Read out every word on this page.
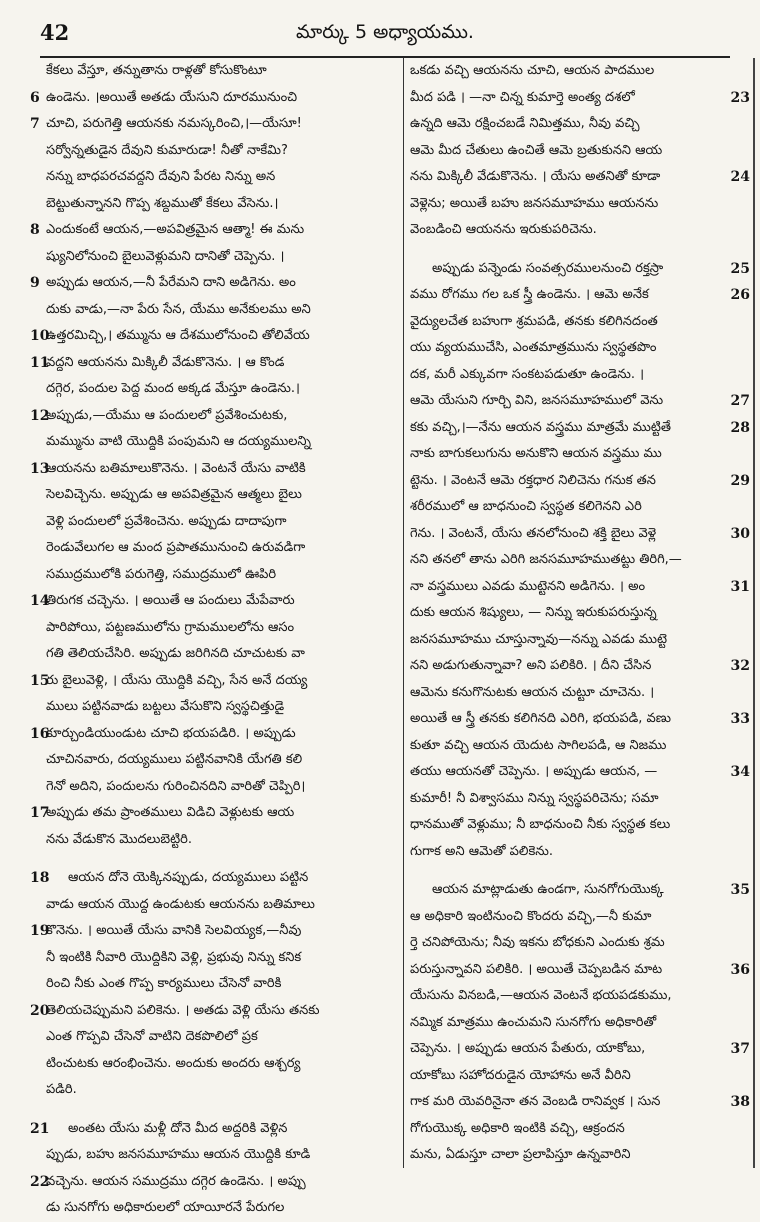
42	మార్కు 5 అధ్యాయము.
కేకలు వేస్తూ, తన్నుతాను రాళ్లతో కోసుకొంటూ
6 ఉండెను. ।అయితే అతడు యేసుని దూరమునుంచి
7 చూచి, పరుగెత్తి ఆయనకు నమస్కరించి,।—యేసూ!
సర్వోన్నతుడైన దేవుని కుమారుడా! నీతో నాకేమి?
నన్ను బాధపరచవద్దని దేవుని పేరట నిన్ను అన
బెట్టుతున్నానని గొప్ప శబ్దముతో కేకలు వేసెను.।
8 ఎందుకంటే ఆయన,—అపవిత్రమైన ఆత్మా! ఈ మను
ష్యునిలోనుంచి బైలువెళ్లుమని దానితో చెప్పెను. ।
9 అప్పుడు ఆయన,—నీ పేరేమని దాని అడిగెను. అం
దుకు వాడు,—నా పేరు సేన, యేము అనేకులము అని
10
ఉత్తరమిచ్చి,। తమ్మును ఆ దేశములోనుంచి తోలివేయ
11
వద్దని ఆయనను మిక్కిలీ వేడుకొనెను. । ఆ కొండ
దగ్గెర, పందుల పెద్ద మంద అక్కడ మేస్తూ ఉండెను.।
12
అప్పుడు,—యేము ఆ పందులలో ప్రవేశించుటకు,
మమ్మును వాటి యొద్దికి పంపుమని ఆ దయ్యములన్ని
13
ఆయనను బతిమాలుకొనెను. । వెంటనే యేసు వాటికి
సెలవిచ్చెను. అప్పుడు ఆ అపవిత్రమైన ఆత్మలు బైలు
వెళ్లి పందులలో ప్రవేశించెను. అప్పుడు దాదాపుగా
రెండువేలుగల ఆ మంద ప్రపాతమునుంచి ఉరువడిగా
సముద్రములోకి పరుగెత్తి, సముద్రములో ఊపిరి
14
తిరుగక చచ్చెను. । అయితే ఆ పందులు మేపేవారు
పారిపోయి, పట్టణములోను గ్రామములలోను ఆసం
గతి తెలియచేసిరి. అప్పుడు జరిగినది చూచుటకు వా
15
రు బైలువెళ్లి, । యేసు యొద్దికి వచ్చి, సేన అనే దయ్య
ములు పట్టినవాడు బట్టలు వేసుకొని స్వస్థచిత్తుడై
16
కూర్చుండియుండుట చూచి భయపడిరి. । అప్పుడు
చూచినవారు, దయ్యములు పట్టినవానికి యేగతి కలి
గెనో అదిని, పందులను గురించినదిని వారితో చెప్పిరి।
17
అప్పుడు తమ ప్రాంతములు విడిచి వెళ్లుటకు ఆయ
నను వేడుకొన మొదలుబెట్టిరి.
18 ఆయన దోనె యెక్కినప్పుడు, దయ్యములు పట్టిన
వాడు ఆయన యొద్ద ఉండుటకు ఆయనను బతిమాలు
19
కొనెను. । అయితే యేసు వానికి సెలవియ్యక,—నీవు
నీ ఇంటికి నీవారి యొద్దికిని వెళ్లి, ప్రభువు నిన్ను కనిక
రించి నీకు ఎంత గొప్ప కార్యములు చేసెనో వారికి
20
తెలియచెప్పుమని పలికెను. । అతడు వెళ్లి యేసు తనకు
ఎంత గొప్పవి చేసెనో వాటిని దెకపొలిలో ప్రక
టించుటకు ఆరంభించెను. అందుకు అందరు ఆశ్చర్య
పడిరి.
21 అంతట యేసు మళ్లీ దోనె మీద అద్దరికి వెళ్లిన
ప్పుడు, బహు జనసమూహము ఆయన యొద్దికి కూడి
22
వచ్చెను. ఆయన సముద్రము దగ్గెర ఉండెను. । అప్పు
డు సునగోగు అధికారులలో యాయీరనే పేరుగల
ఒకడు వచ్చి ఆయనను చూచి, ఆయన పాదముల
23
మీద పడి । —నా చిన్న కుమార్తె అంత్య దశలో
ఉన్నది ఆమె రక్షించబడే నిమిత్తము, నీవు వచ్చి
ఆమె మీద చేతులు ఉంచితే ఆమె బ్రతుకునని ఆయ
24
నను మిక్కిలీ వేడుకొనెను. । యేసు అతనితో కూడా
వెళ్లెను; అయితే బహు జనసమూహము ఆయనను
వెంబడించి ఆయనను ఇరుకుపరిచెను.
25
అప్పుడు పన్నెండు సంవత్సరములనుంచి రక్తస్రా
26
వము రోగము గల ఒక స్త్రీ ఉండెను. । ఆమె అనేక
వైద్యులచేత బహుగా శ్రమపడి, తనకు కలిగినదంత
యు వ్యయముచేసి, ఎంతమాత్రమును స్వస్థతపొం
దక, మరీ ఎక్కువగా సంకటపడుతూ ఉండెను. ।
27
ఆమె యేసుని గూర్చి విని, జనసమూహములో వెను
28
కకు వచ్చి,।—నేను ఆయన వస్త్రము మాత్రమే ముట్టితే
నాకు బాగుకలుగును అనుకొని ఆయన వస్త్రము ము
29
ట్టెను. । వెంటనే ఆమె రక్తధార నిలిచెను గనుక తన
శరీరములో ఆ బాధనుంచి స్వస్థత కలిగెనని ఎరి
30
గెను. । వెంటనే, యేసు తనలోనుంచి శక్తి బైలు వెళ్లె
నని తనలో తాను ఎరిగి జనసమూహముతట్టు తిరిగి,—
31
నా వస్త్రములు ఎవడు ముట్టెనని అడిగెను. । అం
దుకు ఆయన శిష్యులు, — నిన్ను ఇరుకుపరుస్తున్న
జనసమూహము చూస్తున్నావు—నన్ను ఎవడు ముట్టె
32
నని అడుగుతున్నావా? అని పలికిరి. । దీని చేసిన
ఆమెను కనుగొనుటకు ఆయన చుట్టూ చూచెను. ।
33
అయితే ఆ స్త్రీ తనకు కలిగినది ఎరిగి, భయపడి, వణు
కుతూ వచ్చి ఆయన యెదుట సాగిలపడి, ఆ నిజము
34
తయు ఆయనతో చెప్పెను. । అప్పుడు ఆయన, —
కుమారీ! నీ విశ్వాసము నిన్ను స్వస్థపరిచెను; సమా
ధానముతో వెళ్లుము; నీ బాధనుంచి నీకు స్వస్థత కలు
గుగాక అని ఆమెతో పలికెను.
35
ఆయన మాట్లాడుతు ఉండగా, సునగోగుయొక్క
ఆ అధికారి ఇంటినుంచి కొందరు వచ్చి,—నీ కుమా
ర్తె చనిపోయెను; నీవు ఇకను బోధకుని ఎందుకు శ్రమ
36
పరుస్తున్నావని పలికిరి. । అయితే చెప్పబడిన మాట
యేసును వినబడి,—ఆయన వెంటనే భయపడకుము,
నమ్మిక మాత్రము ఉంచుమని సునగోగు అధికారితో
37
చెప్పెను. । అప్పుడు ఆయన పేతురు, యాకోబు,
యాకోబు సహోదరుడైన యోహాను అనే వీరిని
38
గాక మరి యెవరినైనా తన వెంబడి రానివ్వక । సున
గోగుయొక్క అధికారి ఇంటికి వచ్చి, ఆక్రందన
మను, ఏడుస్తూ చాలా ప్రలాపిస్తూ ఉన్నవారిని
